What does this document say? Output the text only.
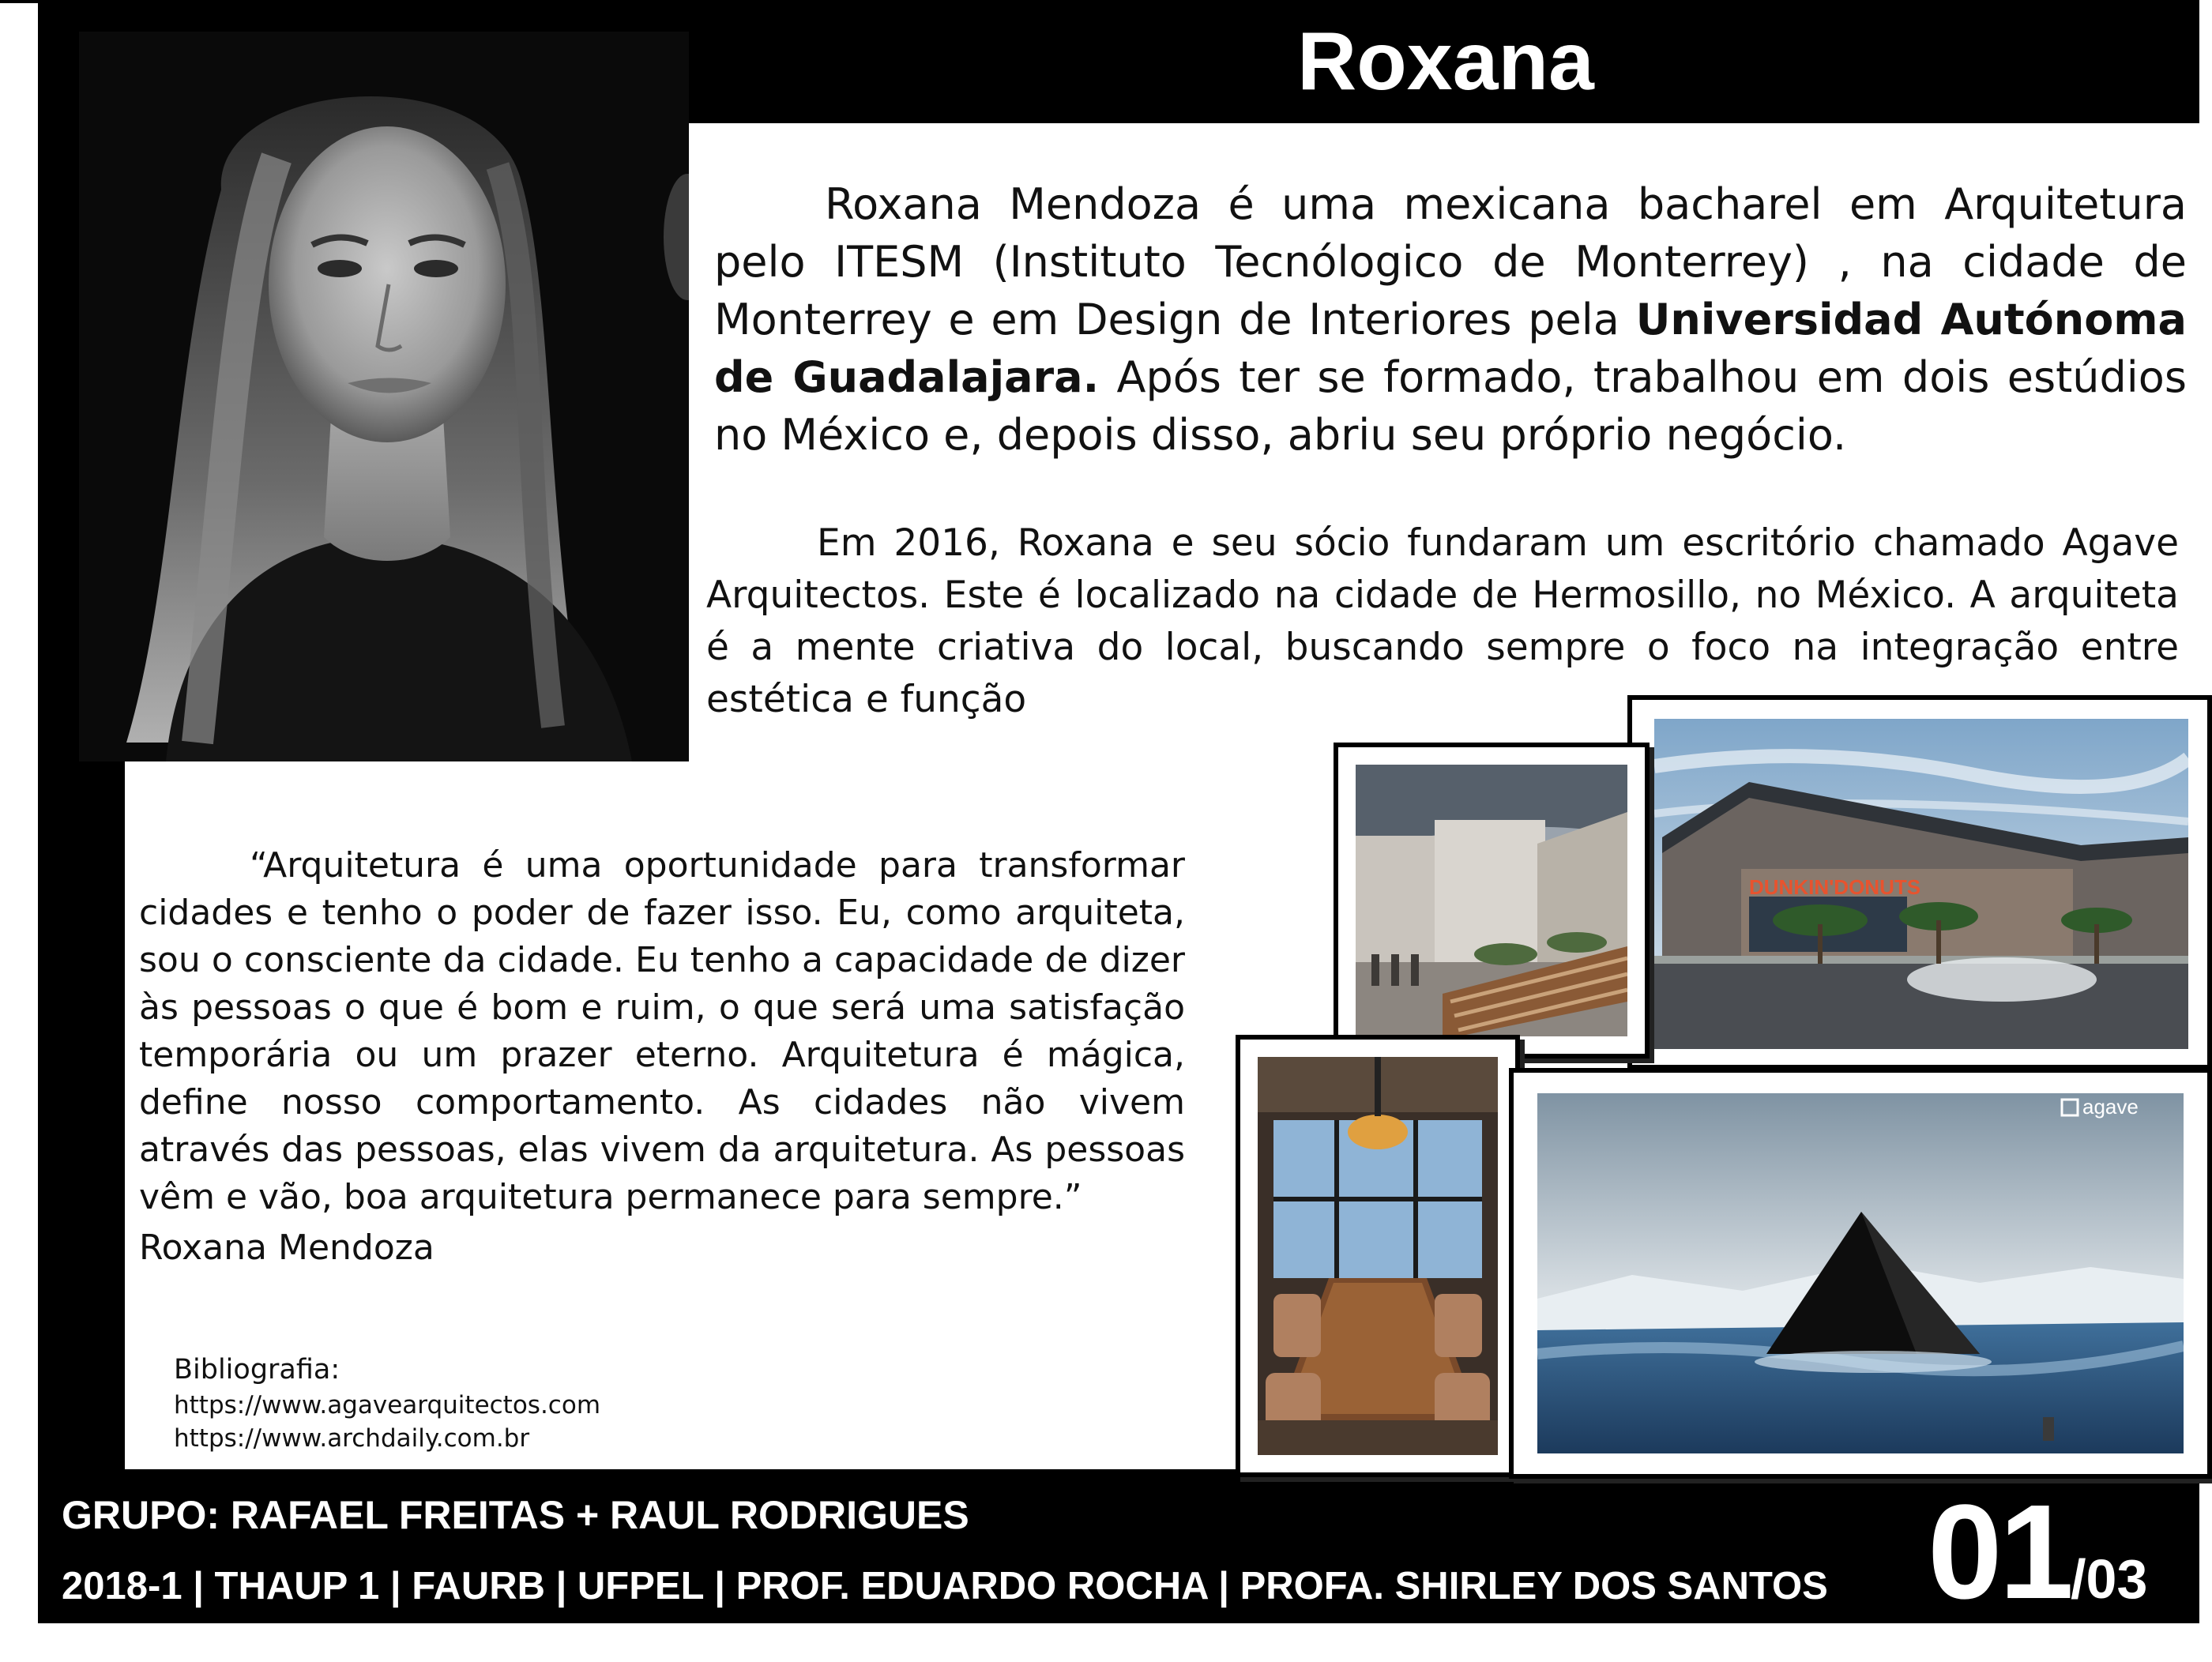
Roxana

Roxana Mendoza é uma mexicana bacharel em Arquitetura pelo ITESM (Instituto Tecnólogico de Monterrey) , na cidade de Monterrey e em Design de Interiores pela Universidad Autónoma de Guadalajara. Após ter se formado, trabalhou em dois estúdios no México e, depois disso, abriu seu próprio negócio.

Em 2016, Roxana e seu sócio fundaram um escritório chamado Agave Arquitectos. Este é localizado na cidade de Hermosillo, no México. A arquiteta é a mente criativa do local, buscando sempre o foco na integração entre estética e função

“Arquitetura é uma oportunidade para transformar cidades e tenho o poder de fazer isso. Eu, como arquiteta, sou o consciente da cidade. Eu tenho a capacidade de dizer às pessoas o que é bom e ruim, o que será uma satisfação temporária ou um prazer eterno. Arquitetura é mágica, define nosso comportamento. As cidades não vivem através das pessoas, elas vivem da arquitetura. As pessoas vêm e vão, boa arquitetura permanece para sempre.”

Roxana Mendoza
Bibliografia:
https://www.agavearquitectos.com
https://www.archdaily.com.br
DUNKIN'DONUTS
agave
GRUPO: RAFAEL FREITAS + RAUL RODRIGUES
2018-1 | THAUP 1 | FAURB | UFPEL | PROF. EDUARDO ROCHA | PROFA. SHIRLEY DOS SANTOS 01/03
